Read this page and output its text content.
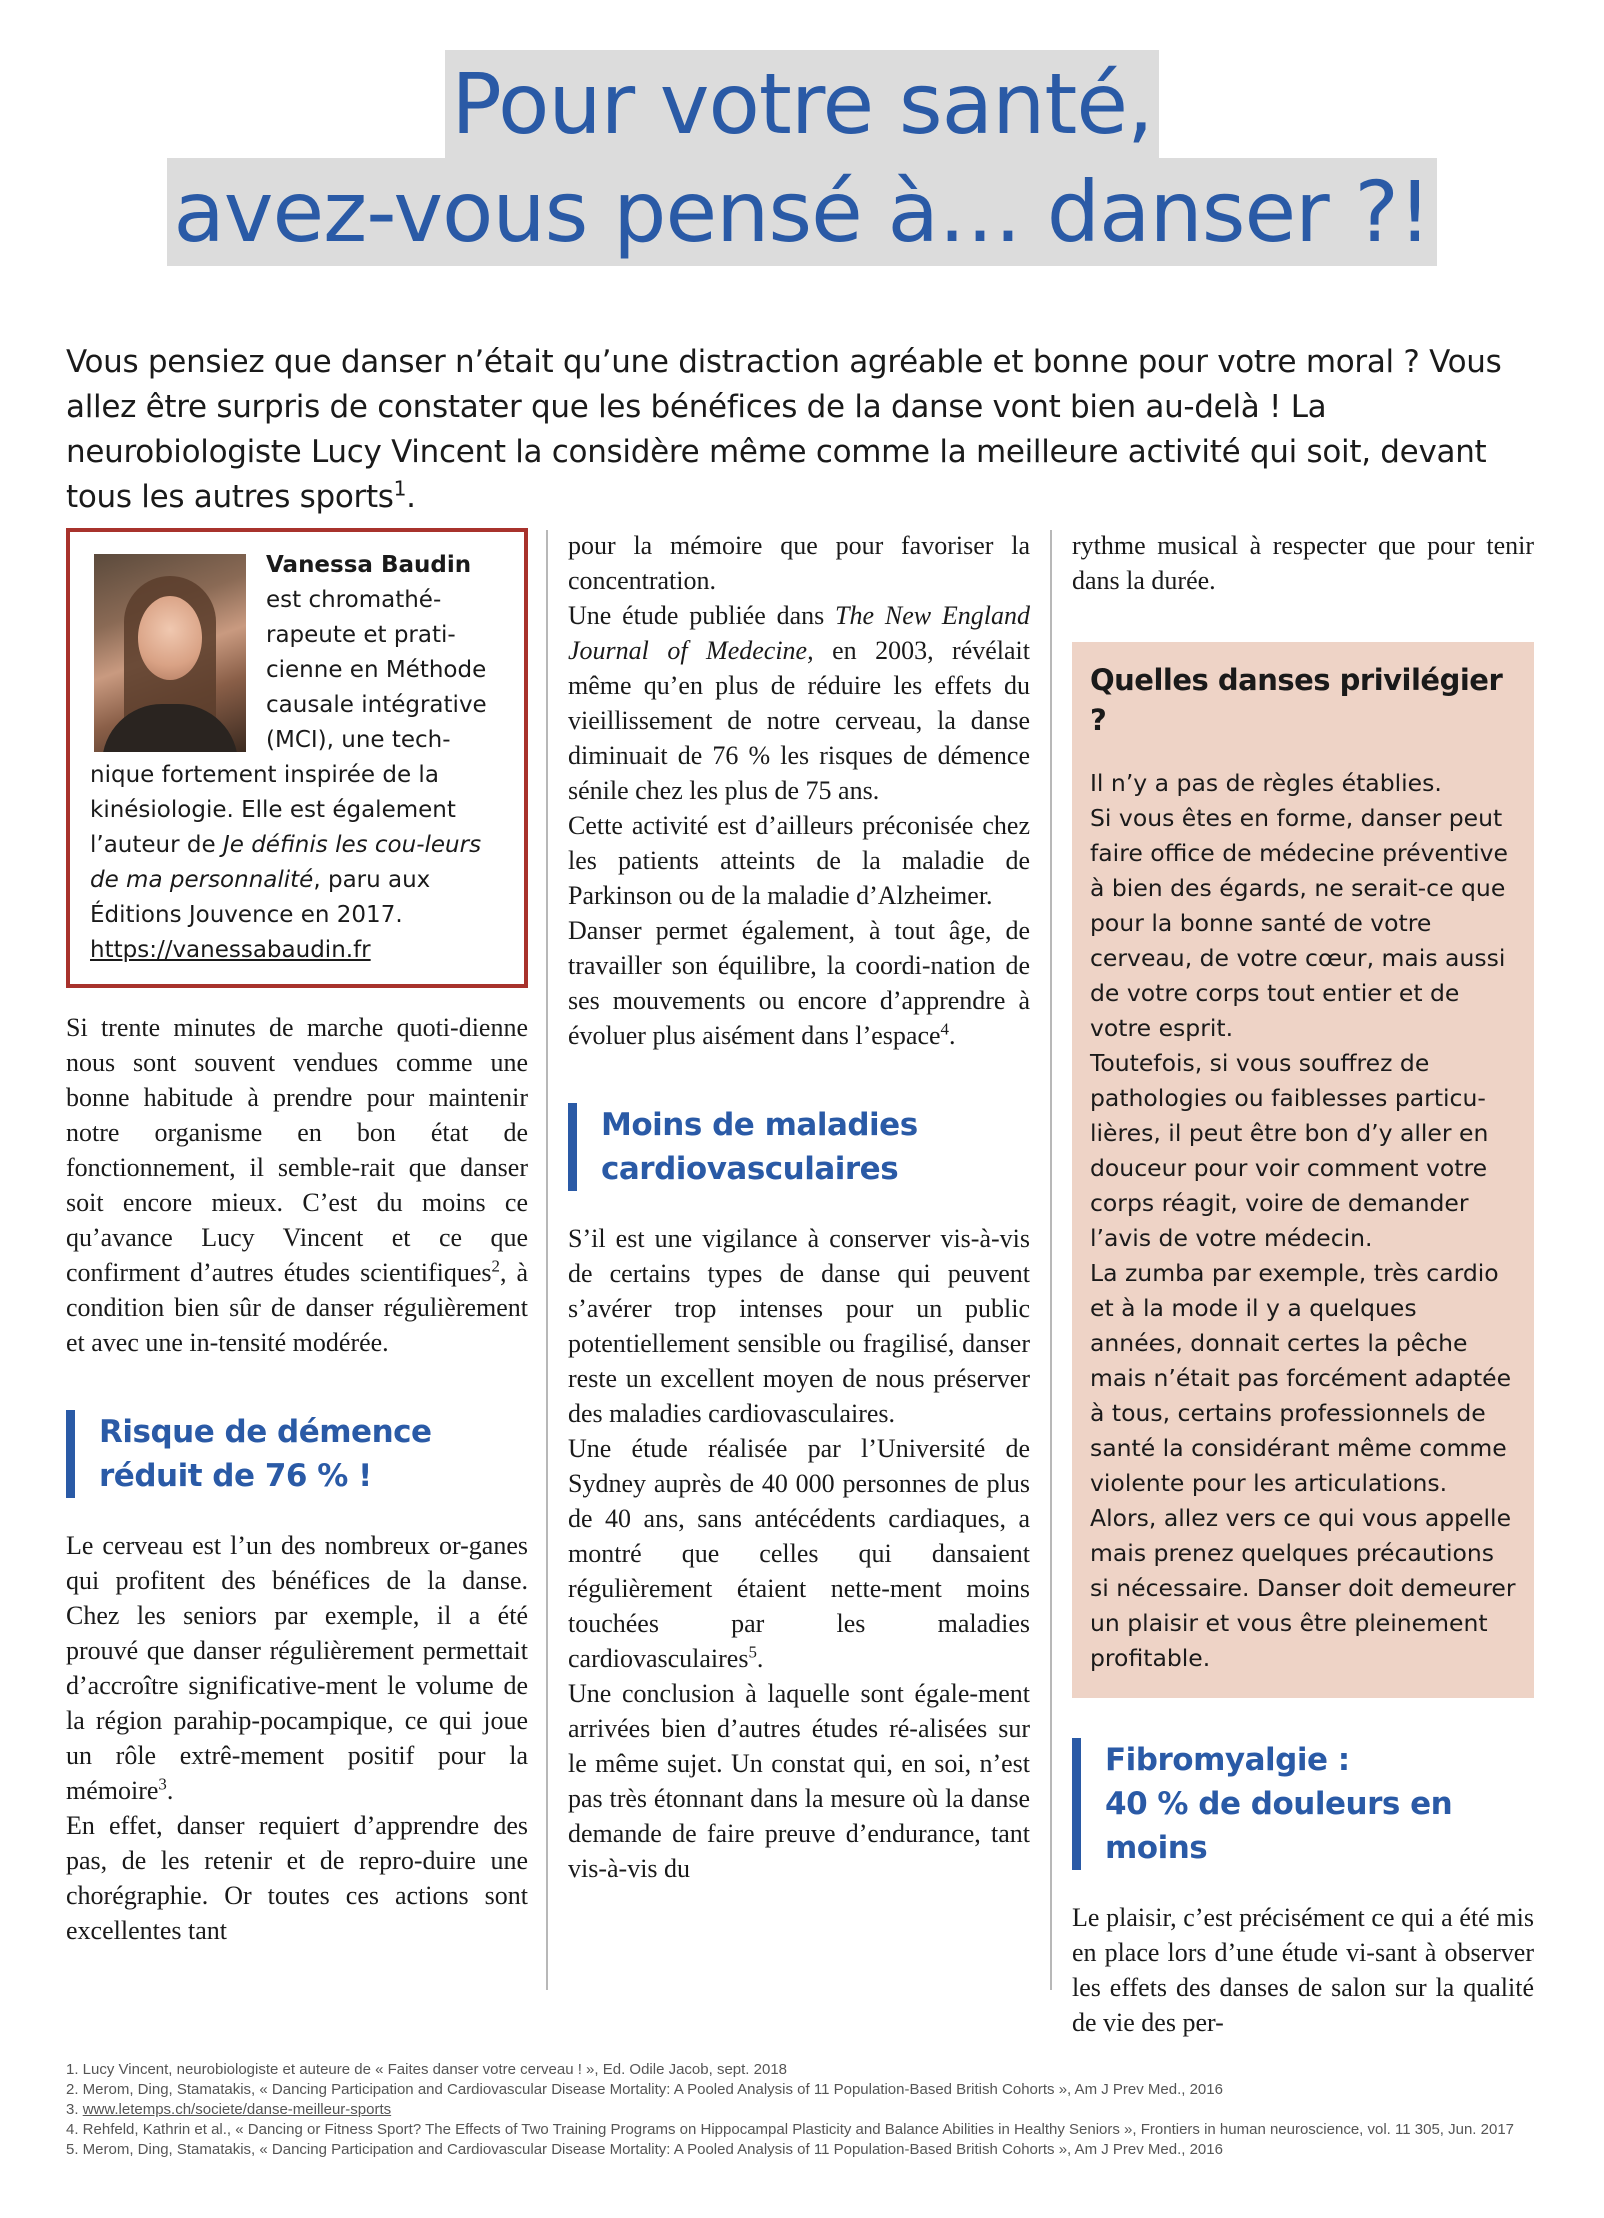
Pour votre santé,
avez-vous pensé à… danser ?!

Vous pensiez que danser n’était qu’une distraction agréable et bonne pour votre moral ? Vous allez être surpris de constater que les bénéfices de la danse vont bien au-delà ! La neurobiologiste Lucy Vincent la considère même comme la meilleure activité qui soit, devant tous les autres sports$^1$.

Vanessa Baudin est chromathé-rapeute et prati-cienne en Méthode causale intégrative (MCI), une tech-nique fortement inspirée de la kinésiologie. Elle est également l’auteur de Je définis les cou-leurs de ma personnalité, paru aux Éditions Jouvence en 2017.
https://vanessabaudin.fr

Si trente minutes de marche quoti-dienne nous sont souvent vendues comme une bonne habitude à prendre pour maintenir notre organisme en bon état de fonctionnement, il semble-rait que danser soit encore mieux. C’est du moins ce qu’avance Lucy Vincent et ce que confirment d’autres études scientifiques$^2$, à condition bien sûr de danser régulièrement et avec une in-tensité modérée.

Risque de démence réduit de 76 % !

Le cerveau est l’un des nombreux or-ganes qui profitent des bénéfices de la danse. Chez les seniors par exemple, il a été prouvé que danser régulièrement permettait d’accroître significative-ment le volume de la région parahip-pocampique, ce qui joue un rôle extrê-mement positif pour la mémoire$^3$.

En effet, danser requiert d’apprendre des pas, de les retenir et de repro-duire une chorégraphie. Or toutes ces actions sont excellentes tant

pour la mémoire que pour favoriser la concentration.

Une étude publiée dans The New England Journal of Medecine, en 2003, révélait même qu’en plus de réduire les effets du vieillissement de notre cerveau, la danse diminuait de 76 % les risques de démence sénile chez les plus de 75 ans.

Cette activité est d’ailleurs préconisée chez les patients atteints de la maladie de Parkinson ou de la maladie d’Alzheimer.

Danser permet également, à tout âge, de travailler son équilibre, la coordi-nation de ses mouvements ou encore d’apprendre à évoluer plus aisément dans l’espace$^4$.

Moins de maladies cardiovasculaires

S’il est une vigilance à conserver vis-à-vis de certains types de danse qui peuvent s’avérer trop intenses pour un public potentiellement sensible ou fragilisé, danser reste un excellent moyen de nous préserver des maladies cardiovasculaires.

Une étude réalisée par l’Université de Sydney auprès de 40 000 personnes de plus de 40 ans, sans antécédents cardiaques, a montré que celles qui dansaient régulièrement étaient nette-ment moins touchées par les maladies cardiovasculaires$^5$.

Une conclusion à laquelle sont égale-ment arrivées bien d’autres études ré-alisées sur le même sujet. Un constat qui, en soi, n’est pas très étonnant dans la mesure où la danse demande de faire preuve d’endurance, tant vis-à-vis du

rythme musical à respecter que pour tenir dans la durée.

Quelles danses privilégier ?

Il n’y a pas de règles établies.

Si vous êtes en forme, danser peut faire office de médecine préventive à bien des égards, ne serait-ce que pour la bonne santé de votre cerveau, de votre cœur, mais aussi de votre corps tout entier et de votre esprit.

Toutefois, si vous souffrez de pathologies ou faiblesses particu-lières, il peut être bon d’y aller en douceur pour voir comment votre corps réagit, voire de demander l’avis de votre médecin.

La zumba par exemple, très cardio et à la mode il y a quelques années, donnait certes la pêche mais n’était pas forcément adaptée à tous, certains professionnels de santé la considérant même comme violente pour les articulations.

Alors, allez vers ce qui vous appelle mais prenez quelques précautions si nécessaire. Danser doit demeurer un plaisir et vous être pleinement profitable.

Fibromyalgie :
40 % de douleurs en moins

Le plaisir, c’est précisément ce qui a été mis en place lors d’une étude vi-sant à observer les effets des danses de salon sur la qualité de vie des per-

1. Lucy Vincent, neurobiologiste et auteure de « Faites danser votre cerveau ! », Ed. Odile Jacob, sept. 2018
2. Merom, Ding, Stamatakis, « Dancing Participation and Cardiovascular Disease Mortality: A Pooled Analysis of 11 Population-Based British Cohorts », Am J Prev Med., 2016
3. www.letemps.ch/societe/danse-meilleur-sports
4. Rehfeld, Kathrin et al., « Dancing or Fitness Sport? The Effects of Two Training Programs on Hippocampal Plasticity and Balance Abilities in Healthy Seniors », Frontiers in human neuroscience, vol. 11 305, Jun. 2017
5. Merom, Ding, Stamatakis, « Dancing Participation and Cardiovascular Disease Mortality: A Pooled Analysis of 11 Population-Based British Cohorts », Am J Prev Med., 2016
